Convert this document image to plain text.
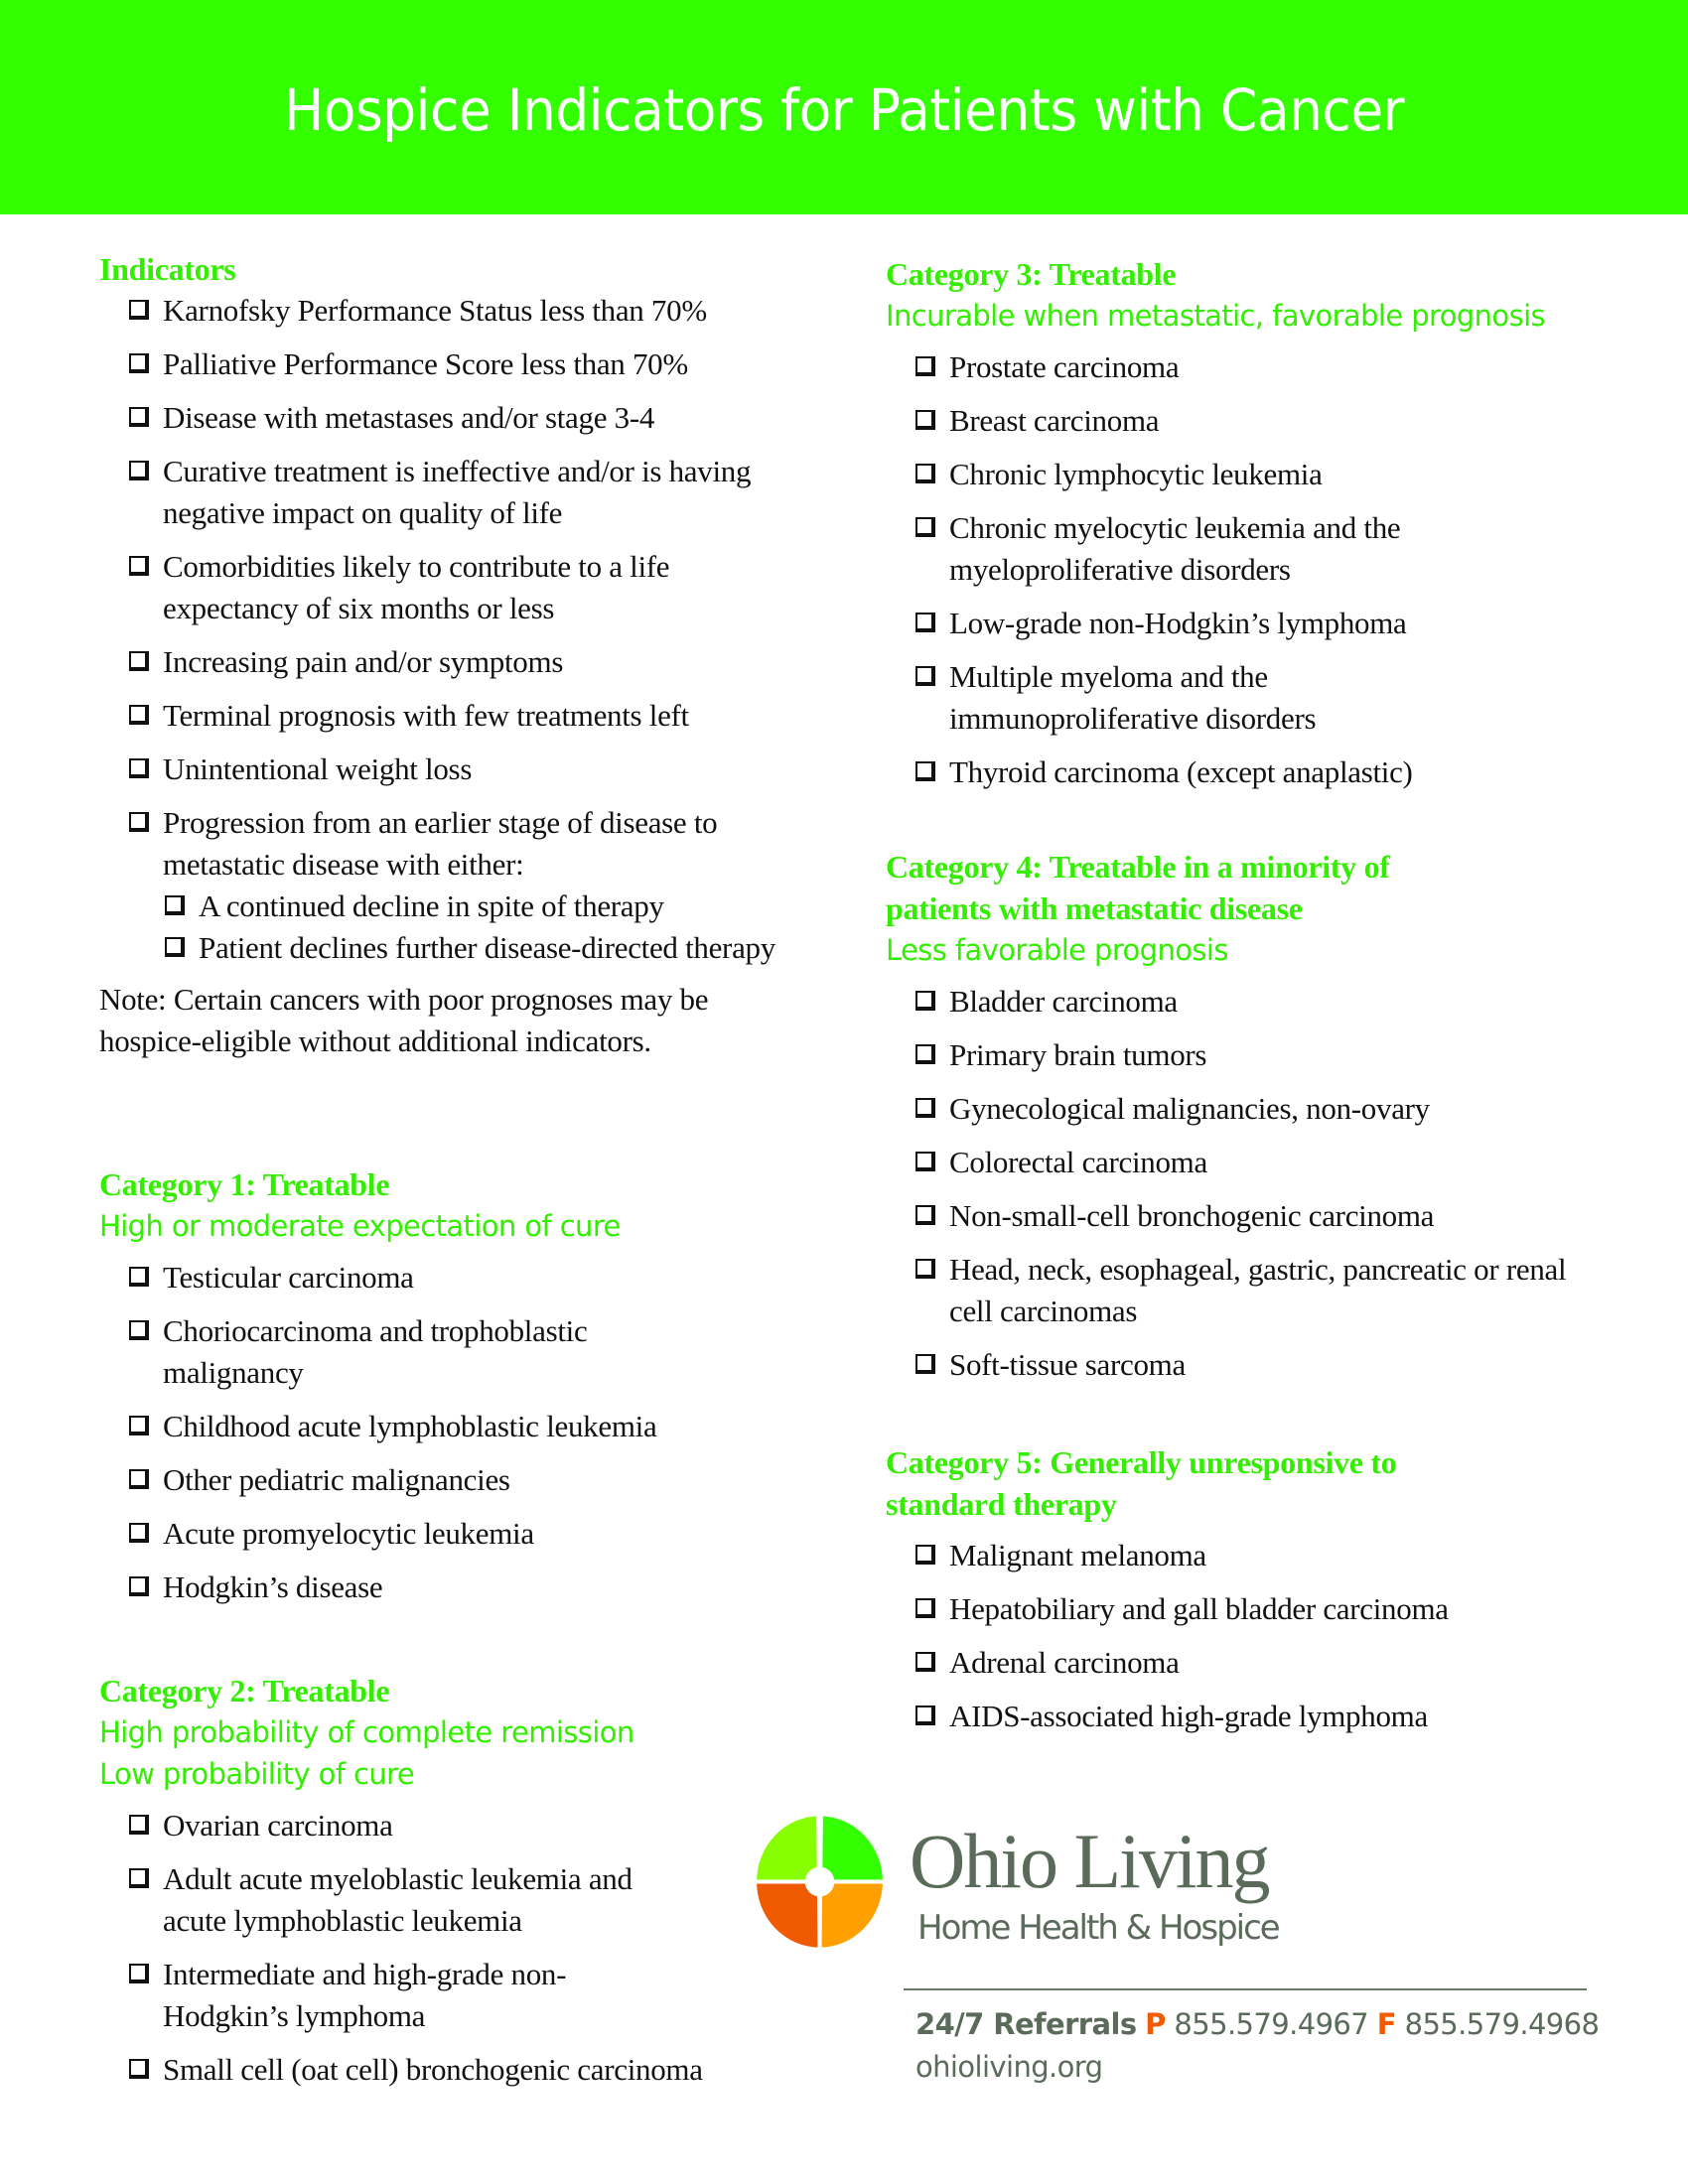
Hospice Indicators for Patients with Cancer
Indicators
Karnofsky Performance Status less than 70%
Palliative Performance Score less than 70%
Disease with metastases and/or stage 3-4
Curative treatment is ineffective and/or is having negative impact on quality of life
Comorbidities likely to contribute to a life expectancy of six months or less
Increasing pain and/or symptoms
Terminal prognosis with few treatments left
Unintentional weight loss
Progression from an earlier stage of disease to metastatic disease with either:
A continued decline in spite of therapy
Patient declines further disease-directed therapy

Note: Certain cancers with poor prognoses may be hospice-eligible without additional indicators.

Category 1: Treatable

High or moderate expectation of cure

Testicular carcinoma
Choriocarcinoma and trophoblastic malignancy
Childhood acute lymphoblastic leukemia
Other pediatric malignancies
Acute promyelocytic leukemia
Hodgkin’s disease
Category 2: Treatable

High probability of complete remission

Low probability of cure

Ovarian carcinoma
Adult acute myeloblastic leukemia and acute lymphoblastic leukemia
Intermediate and high-grade non-Hodgkin’s lymphoma
Small cell (oat cell) bronchogenic carcinoma
Category 3: Treatable

Incurable when metastatic, favorable prognosis

Prostate carcinoma
Breast carcinoma
Chronic lymphocytic leukemia
Chronic myelocytic leukemia and the myeloproliferative disorders
Low-grade non-Hodgkin’s lymphoma
Multiple myeloma and the immunoproliferative disorders
Thyroid carcinoma (except anaplastic)
Category 4: Treatable in a minority of patients with metastatic disease

Less favorable prognosis

Bladder carcinoma
Primary brain tumors
Gynecological malignancies, non-ovary
Colorectal carcinoma
Non-small-cell bronchogenic carcinoma
Head, neck, esophageal, gastric, pancreatic or renal cell carcinomas
Soft-tissue sarcoma
Category 5: Generally unresponsive to standard therapy
Malignant melanoma
Hepatobiliary and gall bladder carcinoma
Adrenal carcinoma
AIDS-associated high-grade lymphoma
Ohio Living
Home Health & Hospice
24/7 Referrals P 855.579.4967 F 855.579.4968
ohioliving.org
